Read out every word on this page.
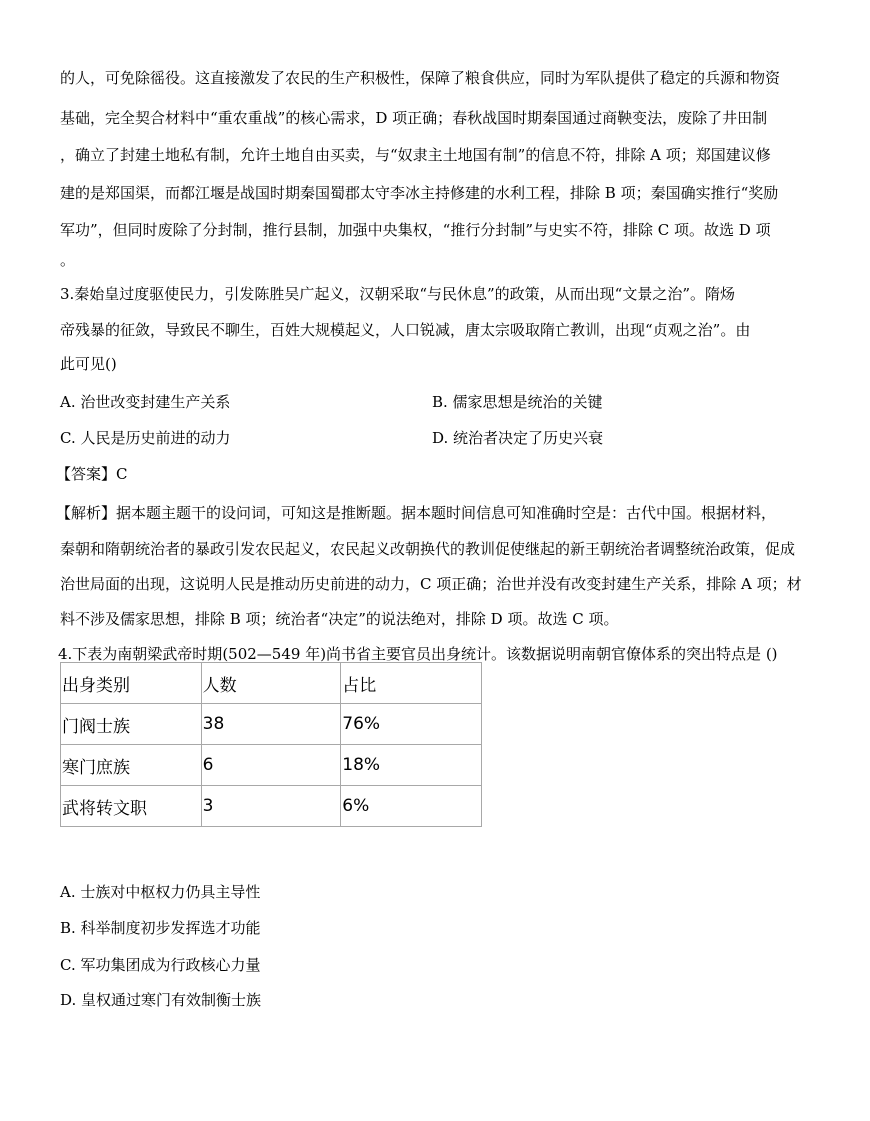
的人，可免除徭役。这直接激发了农民的生产积极性，保障了粮食供应，同时为军队提供了稳定的兵源和物资
基础，完全契合材料中“重农重战”的核心需求，D 项正确；春秋战国时期秦国通过商鞅变法，废除了井田制
，确立了封建土地私有制，允许土地自由买卖，与“奴隶主土地国有制”的信息不符，排除 A 项；郑国建议修
建的是郑国渠，而都江堰是战国时期秦国蜀郡太守李冰主持修建的水利工程，排除 B 项；秦国确实推行“奖励
军功”，但同时废除了分封制，推行县制，加强中央集权，“推行分封制”与史实不符，排除 C 项。故选 D 项
。
3.秦始皇过度驱使民力，引发陈胜吴广起义，汉朝采取“与民休息”的政策，从而出现“文景之治”。隋炀
帝残暴的征敛，导致民不聊生，百姓大规模起义，人口锐减，唐太宗吸取隋亡教训，出现“贞观之治”。由
此可见()
A. 治世改变封建生产关系	B. 儒家思想是统治的关键
C. 人民是历史前进的动力	D. 统治者决定了历史兴衰
【答案】C
【解析】据本题主题干的设问词，可知这是推断题。据本题时间信息可知准确时空是：古代中国。根据材料，
秦朝和隋朝统治者的暴政引发农民起义，农民起义改朝换代的教训促使继起的新王朝统治者调整统治政策，促成
治世局面的出现，这说明人民是推动历史前进的动力，C 项正确；治世并没有改变封建生产关系，排除 A 项；材
料不涉及儒家思想，排除 B 项；统治者“决定”的说法绝对，排除 D 项。故选 C 项。
4.下表为南朝梁武帝时期(502—549 年)尚书省主要官员出身统计。该数据说明南朝官僚体系的突出特点是 ()
出身类别	人数	占比
门阀士族	38	76%
寒门庶族	6	18%
武将转文职	3	6%
A. 士族对中枢权力仍具主导性
B. 科举制度初步发挥选才功能
C. 军功集团成为行政核心力量
D. 皇权通过寒门有效制衡士族
